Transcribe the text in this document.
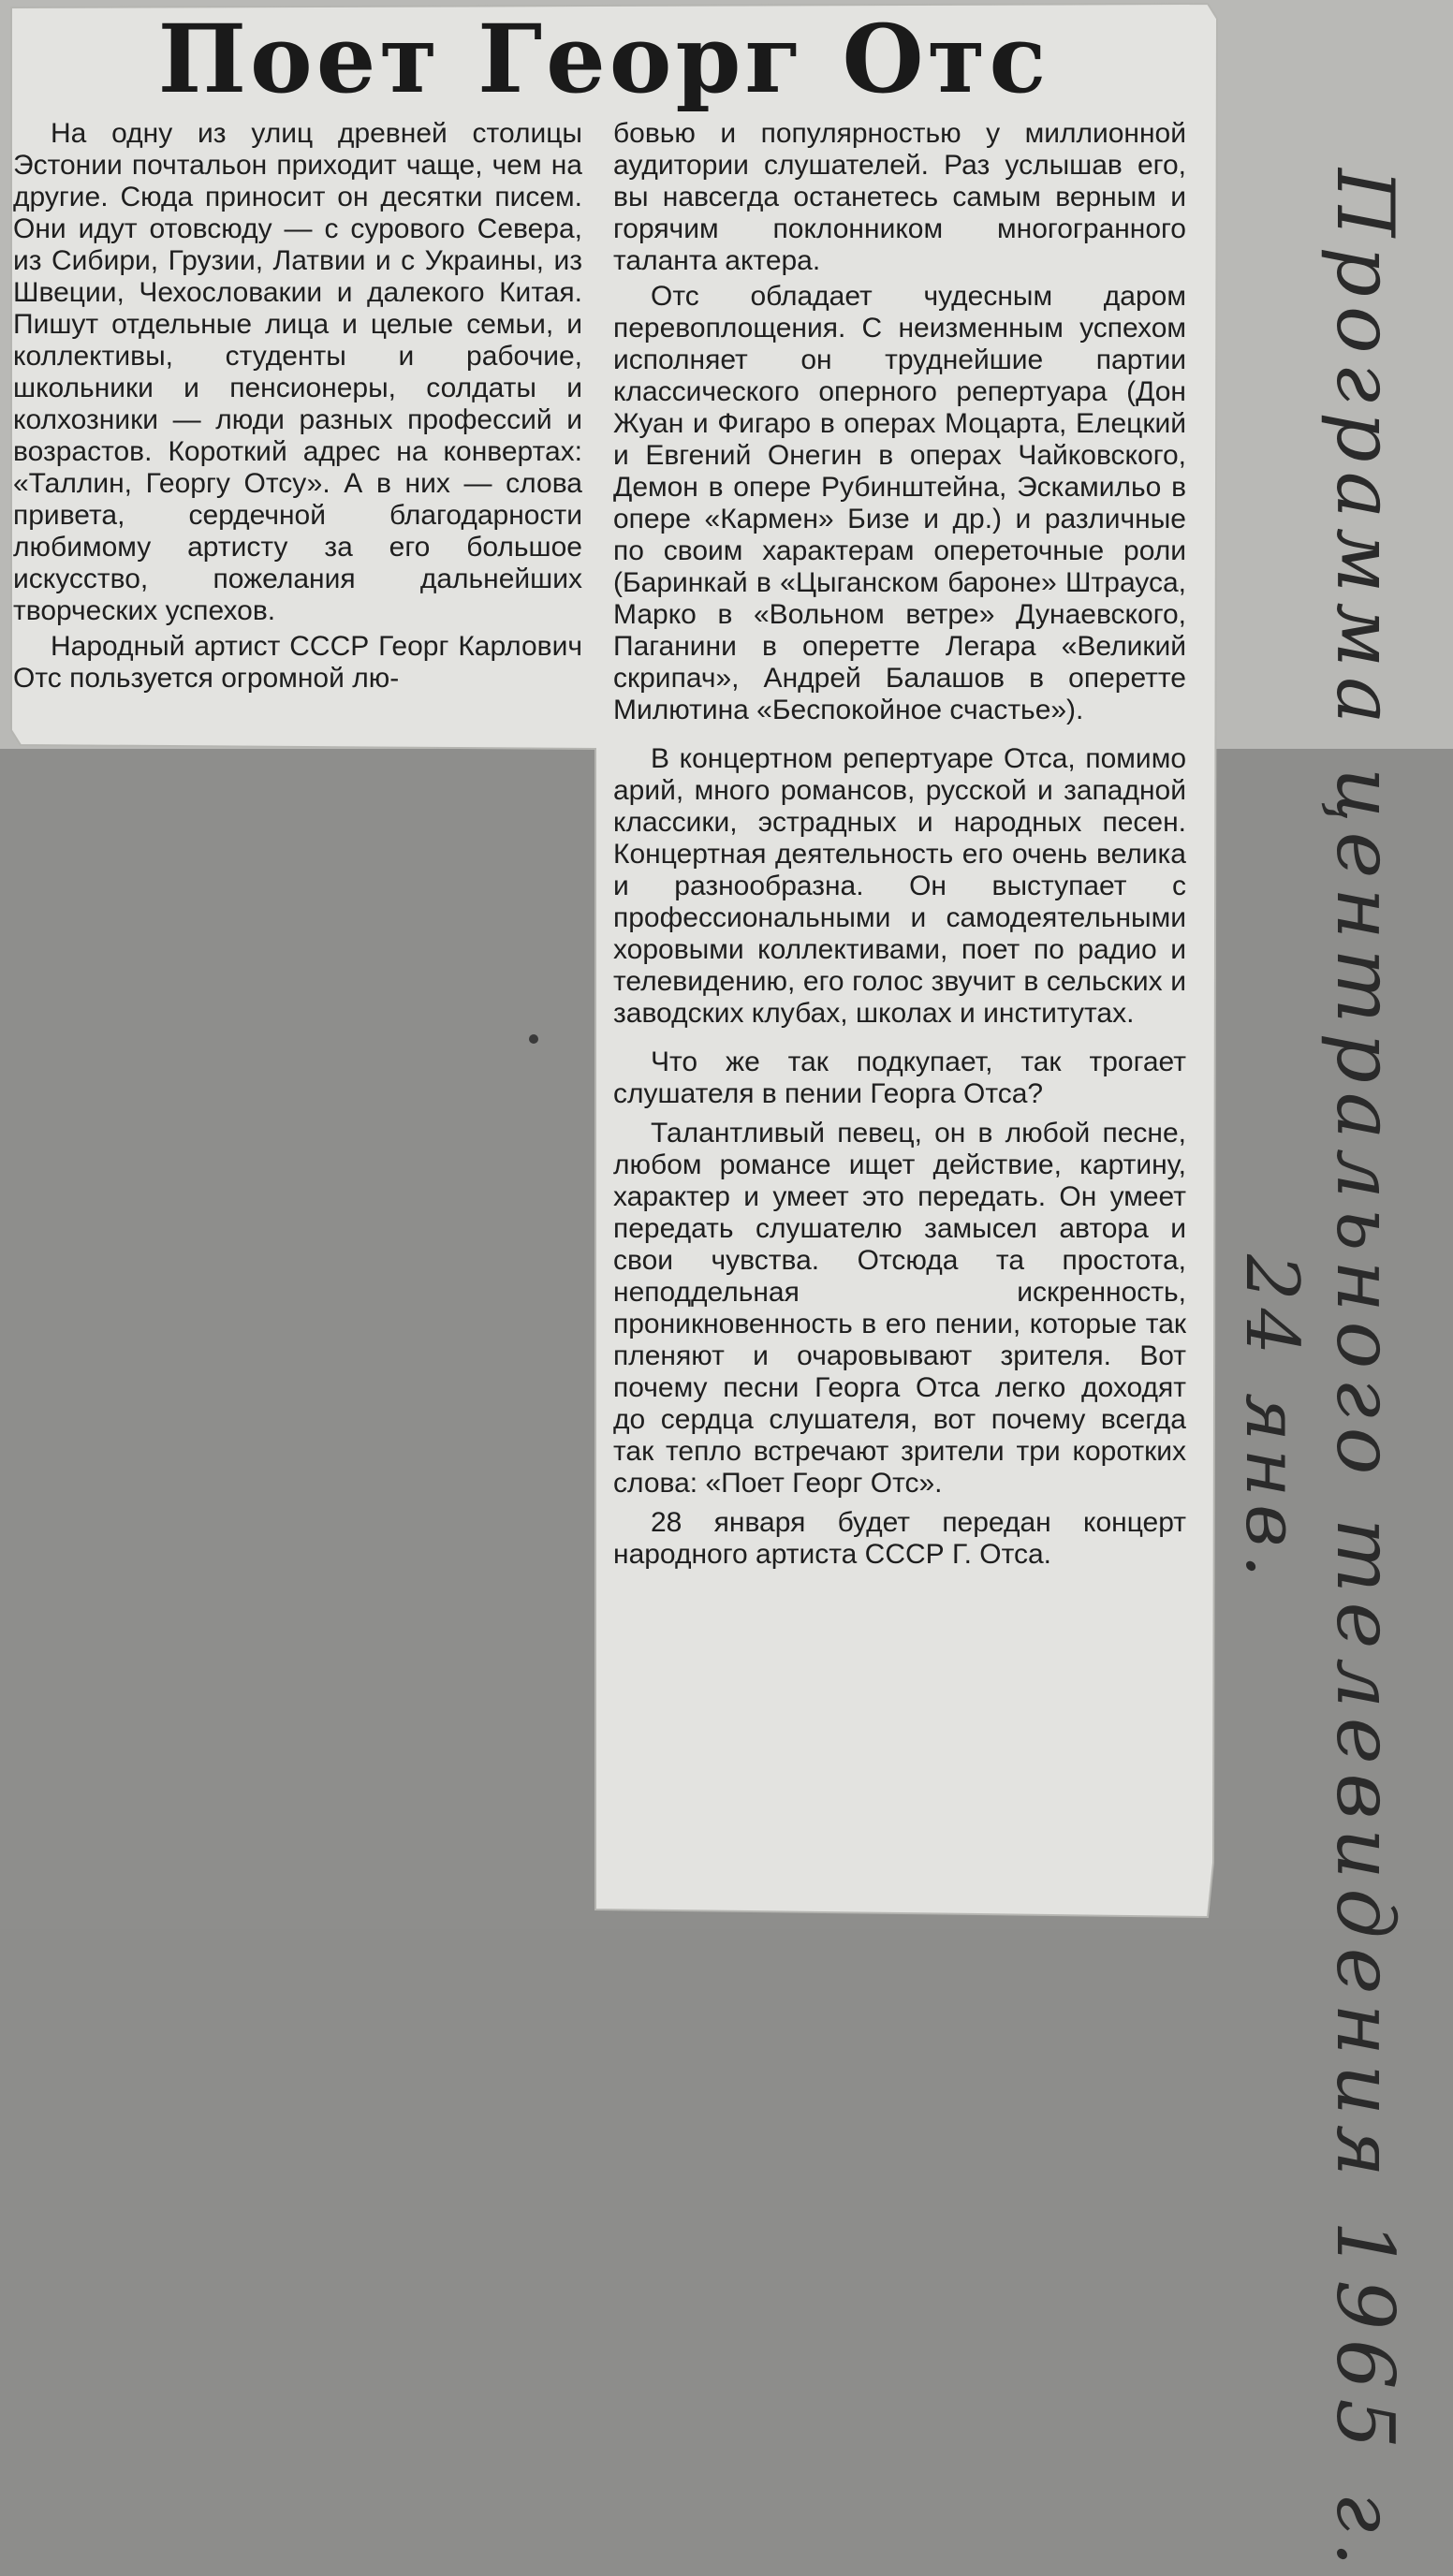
Поет Георг Отс

На одну из улиц древней столицы Эстонии почтальон приходит чаще, чем на другие. Сюда приносит он десятки писем. Они идут отовсюду — с сурового Севера, из Сибири, Грузии, Латвии и с Украины, из Швеции, Чехословакии и далекого Китая. Пишут отдельные лица и целые семьи, и коллективы, студенты и рабочие, школьники и пенсионеры, солдаты и колхозники — люди разных профессий и возрастов. Короткий адрес на конвертах: «Таллин, Георгу Отсу». А в них — слова привета, сердечной благодарности любимому артисту за его большое искусство, пожелания дальнейших творческих успехов.

Народный артист СССР Георг Карлович Отс пользуется огромной лю-

бовью и популярностью у миллионной аудитории слушателей. Раз услышав его, вы навсегда останетесь самым верным и горячим поклонником многогранного таланта актера.

Отс обладает чудесным даром перевоплощения. С неизменным успехом исполняет он труднейшие партии классического оперного репертуара (Дон Жуан и Фигаро в операх Моцарта, Елецкий и Евгений Онегин в операх Чайковского, Демон в опере Рубинштейна, Эскамильо в опере «Кармен» Бизе и др.) и различные по своим характерам опереточные роли (Баринкай в «Цыганском бароне» Штрауса, Марко в «Вольном ветре» Дунаевского, Паганини в оперетте Легара «Великий скрипач», Андрей Балашов в оперетте Милютина «Беспокойное счастье»).

В концертном репертуаре Отса, помимо арий, много романсов, русской и западной классики, эстрадных и народных песен. Концертная деятельность его очень велика и разнообразна. Он выступает с профессиональными и самодеятельными хоровыми коллективами, поет по радио и телевидению, его голос звучит в сельских и заводских клубах, школах и институтах.

Что же так подкупает, так трогает слушателя в пении Георга Отса?

Талантливый певец, он в любой песне, любом романсе ищет действие, картину, характер и умеет это передать. Он умеет передать слушателю замысел автора и свои чувства. Отсюда та простота, неподдельная искренность, проникновенность в его пении, которые так пленяют и очаровывают зрителя. Вот почему песни Георга Отса легко доходят до сердца слушателя, вот почему всегда так тепло встречают зрители три коротких слова: «Поет Георг Отс».

28 января будет передан концерт народного артиста СССР Г. Отса.	Программа центрального телевидения 1965 г.
24 янв.
